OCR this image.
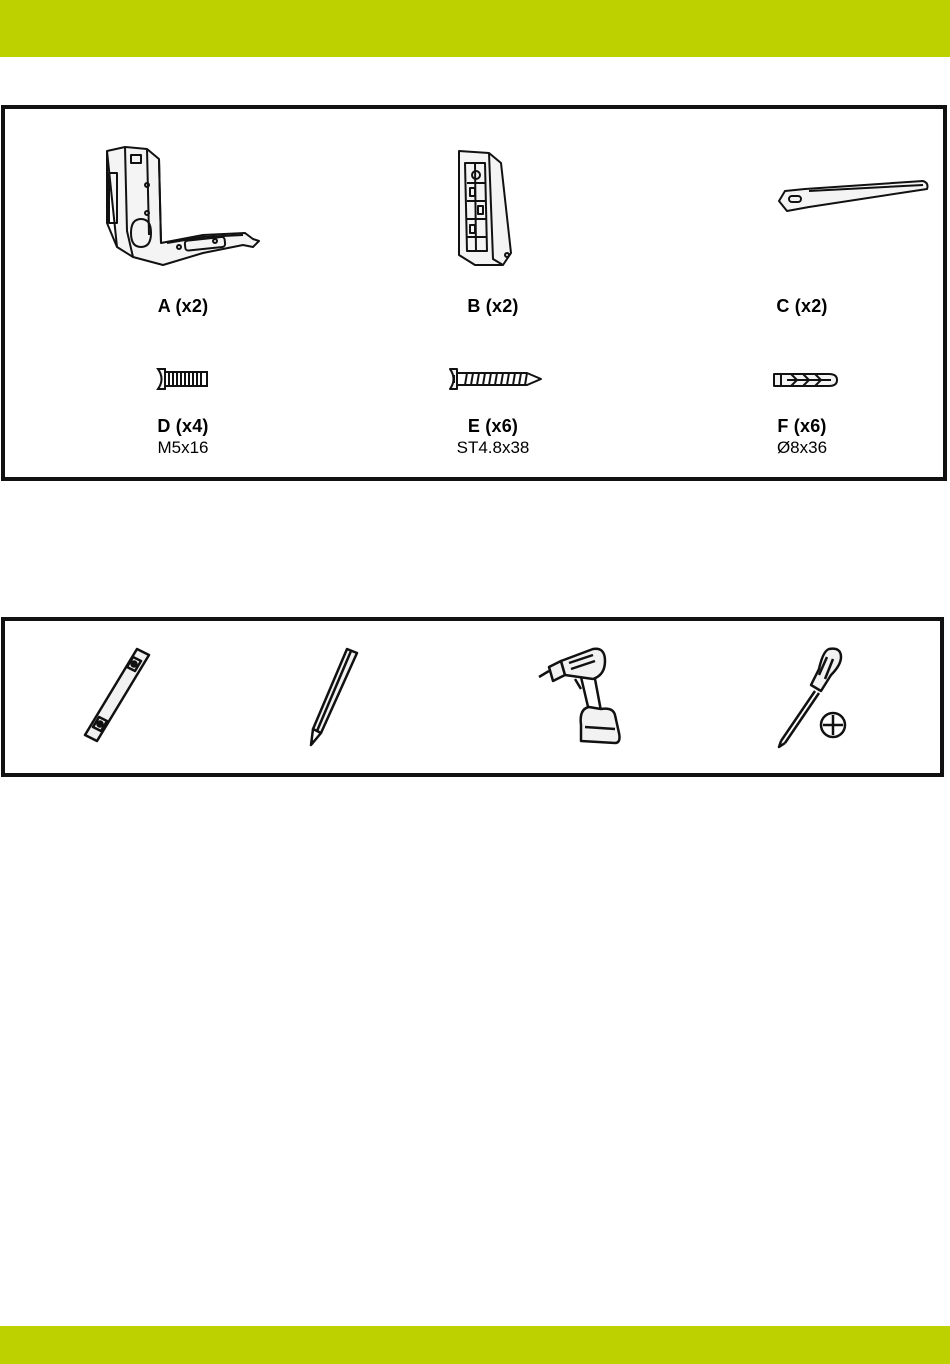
A (x2)	B (x2)	C (x2)
D (x4)
M5x16
E (x6)
ST4.8x38
F (x6)
Ø8x36
